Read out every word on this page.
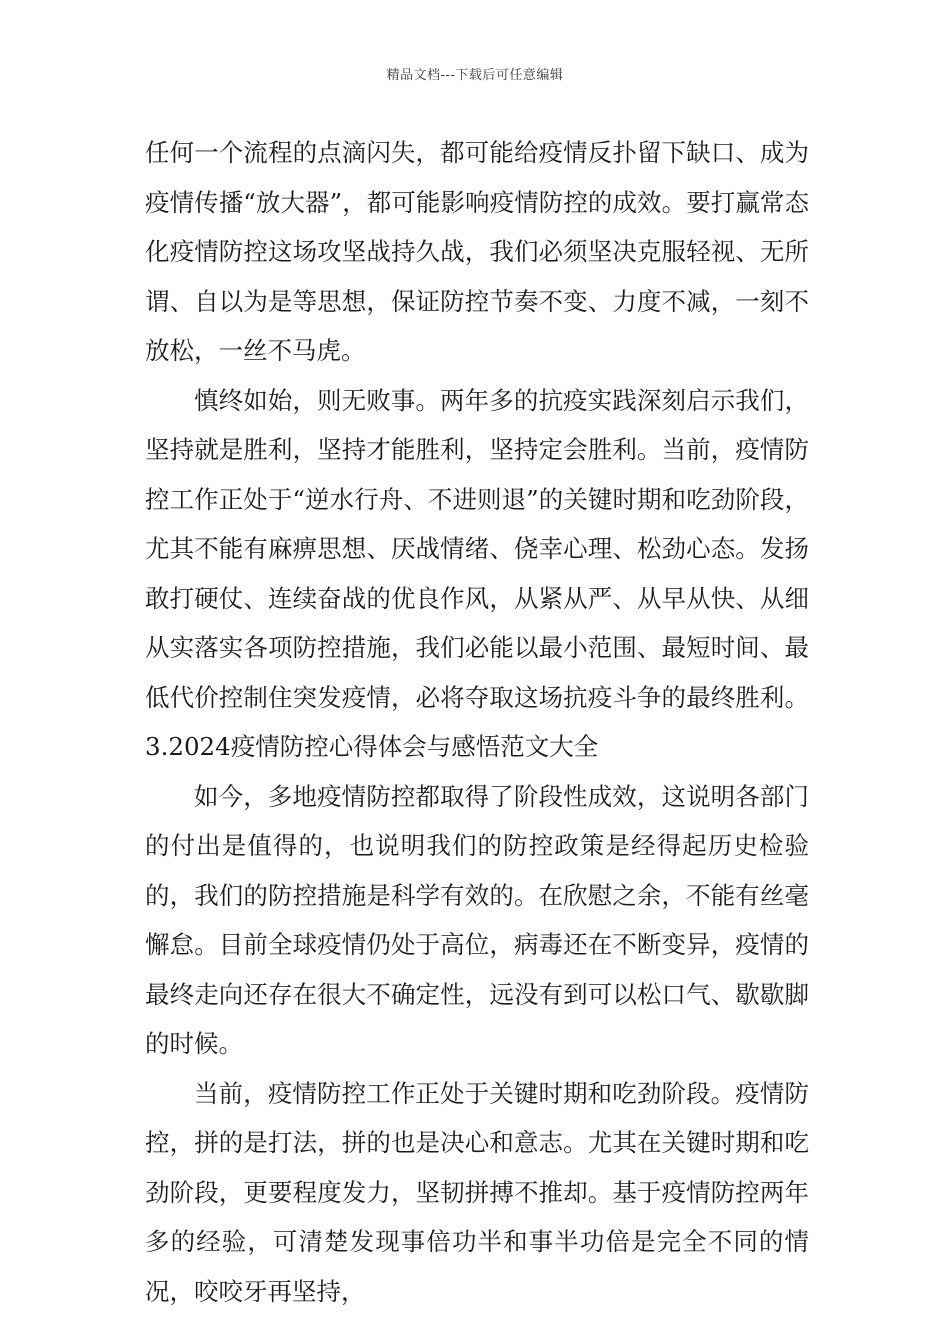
精品文档---下载后可任意编辑

任何一个流程的点滴闪失，都可能给疫情反扑留下缺口、成为疫情传播“放大器”，都可能影响疫情防控的成效。要打赢常态化疫情防控这场攻坚战持久战，我们必须坚决克服轻视、无所谓、自以为是等思想，保证防控节奏不变、力度不减，一刻不放松，一丝不马虎。

慎终如始，则无败事。两年多的抗疫实践深刻启示我们，坚持就是胜利，坚持才能胜利，坚持定会胜利。当前，疫情防控工作正处于“逆水行舟、不进则退”的关键时期和吃劲阶段，尤其不能有麻痹思想、厌战情绪、侥幸心理、松劲心态。发扬敢打硬仗、连续奋战的优良作风，从紧从严、从早从快、从细从实落实各项防控措施，我们必能以最小范围、最短时间、最低代价控制住突发疫情，必将夺取这场抗疫斗争的最终胜利。3.2024疫情防控心得体会与感悟范文大全

如今，多地疫情防控都取得了阶段性成效，这说明各部门的付出是值得的，也说明我们的防控政策是经得起历史检验的，我们的防控措施是科学有效的。在欣慰之余，不能有丝毫懈怠。目前全球疫情仍处于高位，病毒还在不断变异，疫情的最终走向还存在很大不确定性，远没有到可以松口气、歇歇脚的时候。

当前，疫情防控工作正处于关键时期和吃劲阶段。疫情防控，拼的是打法，拼的也是决心和意志。尤其在关键时期和吃劲阶段，更要程度发力，坚韧拼搏不推却。基于疫情防控两年多的经验，可清楚发现事倍功半和事半功倍是完全不同的情况，咬咬牙再坚持，
